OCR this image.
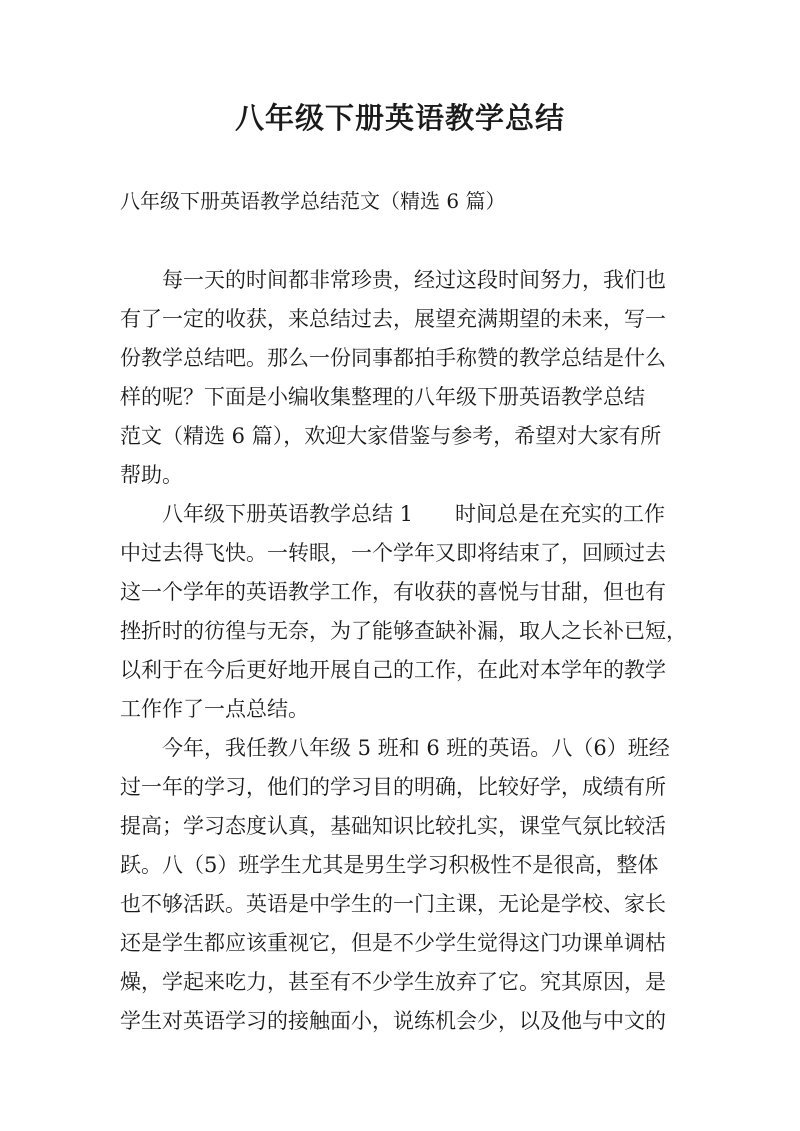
八年级下册英语教学总结

八年级下册英语教学总结范文（精选 6 篇）

每一天的时间都非常珍贵，经过这段时间努力，我们也

有了一定的收获，来总结过去，展望充满期望的未来，写一

份教学总结吧。那么一份同事都拍手称赞的教学总结是什么

样的呢？下面是小编收集整理的八年级下册英语教学总结

范文（精选 6 篇），欢迎大家借鉴与参考，希望对大家有所

帮助。

八年级下册英语教学总结 1 时间总是在充实的工作

中过去得飞快。一转眼，一个学年又即将结束了，回顾过去

这一个学年的英语教学工作，有收获的喜悦与甘甜，但也有

挫折时的彷徨与无奈，为了能够查缺补漏，取人之长补已短，

以利于在今后更好地开展自己的工作，在此对本学年的教学

工作作了一点总结。

今年，我任教八年级 5 班和 6 班的英语。八（6）班经

过一年的学习，他们的学习目的明确，比较好学，成绩有所

提高；学习态度认真，基础知识比较扎实，课堂气氛比较活

跃。八（5）班学生尤其是男生学习积极性不是很高，整体

也不够活跃。英语是中学生的一门主课，无论是学校、家长

还是学生都应该重视它，但是不少学生觉得这门功课单调枯

燥，学起来吃力，甚至有不少学生放弃了它。究其原因，是

学生对英语学习的接触面小，说练机会少，以及他与中文的
